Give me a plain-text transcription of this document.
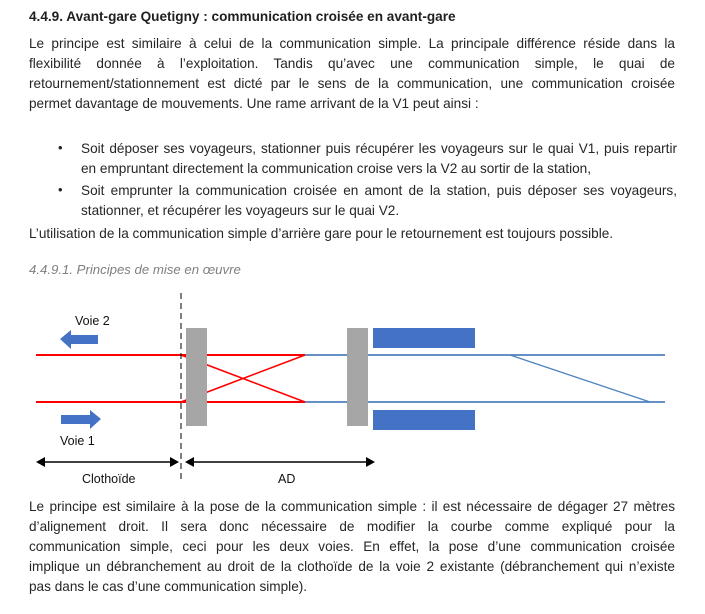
4.4.9. Avant-gare Quetigny : communication croisée en avant-gare
Le principe est similaire à celui de la communication simple. La principale différence réside dans la
flexibilité donnée à l’exploitation. Tandis qu’avec une communication simple, le quai de
retournement/stationnement est dicté par le sens de la communication, une communication croisée
permet davantage de mouvements. Une rame arrivant de la V1 peut ainsi :
• Soit déposer ses voyageurs, stationner puis récupérer les voyageurs sur le quai V1, puis repartir
en empruntant directement la communication croise vers la V2 au sortir de la station,
• Soit emprunter la communication croisée en amont de la station, puis déposer ses voyageurs,
stationner, et récupérer les voyageurs sur le quai V2.
L’utilisation de la communication simple d’arrière gare pour le retournement est toujours possible.
4.4.9.1. Principes de mise en œuvre
Voie 2
Voie 1
Clothoïde	AD
Le principe est similaire à la pose de la communication simple : il est nécessaire de dégager 27 mètres
d’alignement droit. Il sera donc nécessaire de modifier la courbe comme expliqué pour la
communication simple, ceci pour les deux voies. En effet, la pose d’une communication croisée
implique un débranchement au droit de la clothoïde de la voie 2 existante (débranchement qui n’existe
pas dans le cas d’une communication simple).
